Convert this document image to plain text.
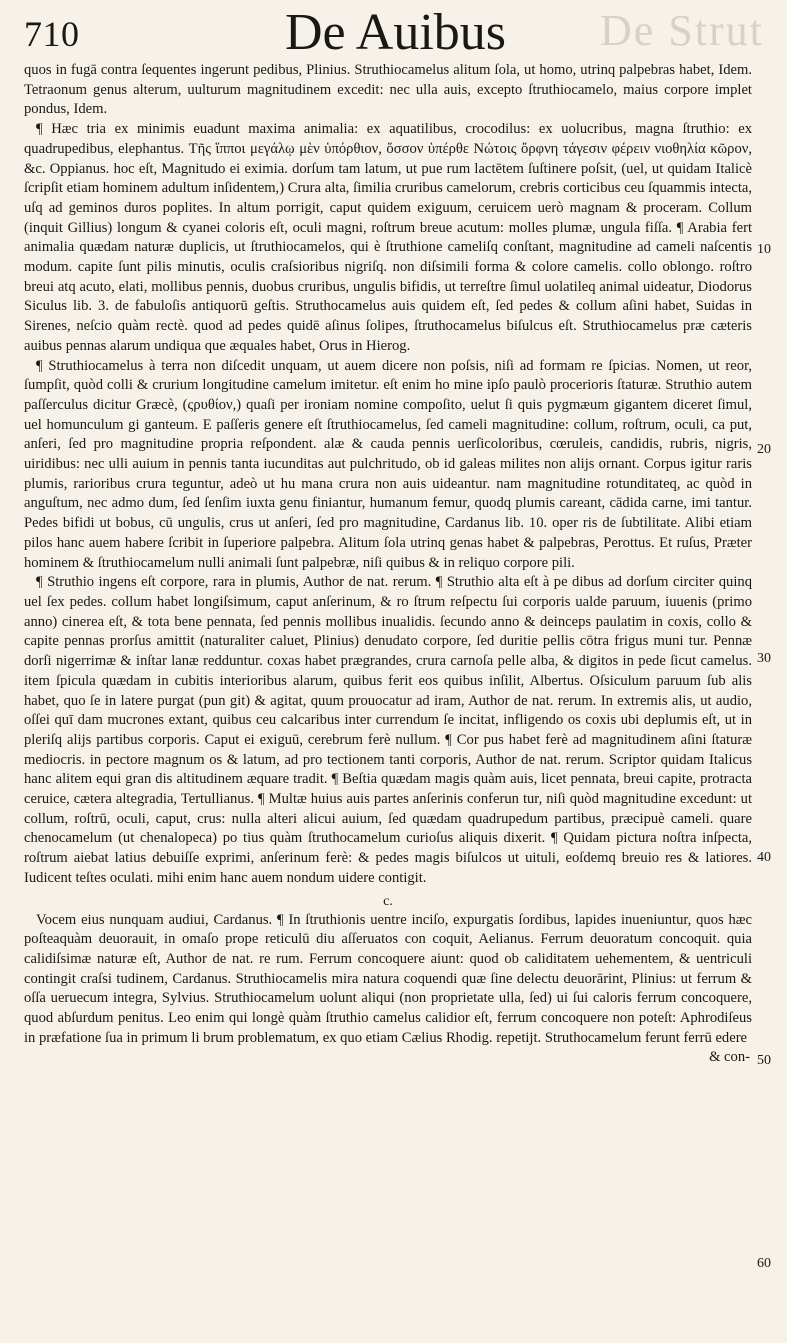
710	De Auibus De Strut

quos in fugā contra ſequentes ingerunt pedibus, Plinius. Struthiocamelus alitum ſola, ut homo, utrinq palpebras habet, Idem. Tetraonum genus alterum, uulturum magnitudinem excedit: nec ulla auis, excepto ſtruthiocamelo, maius corpore implet pondus, Idem.

¶ Hæc tria ex minimis euadunt maxima animalia: ex aquatilibus, crocodilus: ex uolucribus, magna ſtruthio: ex quadrupedibus, elephantus. Τῆς ἵπποι μεγάλῳ μὲν ὑπόρθιον, ὅσσον ὑπέρθε Νώτοις ὄρφνη τάγεσιν φέρειν νιοθηλία κῶρον, &c. Oppianus. hoc eſt, Magnitudo ei eximia. dorſum tam latum, ut pue rum lactētem ſuſtinere poſsit, (uel, ut quidam Italicè ſcripſit etiam hominem adultum inſidentem,) Crura alta, ſimilia cruribus camelorum, crebris corticibus ceu ſquammis intecta, uſq ad geminos duros poplites. In altum porrigit, caput quidem exiguum, ceruicem uerò magnam & proceram. Collum (inquit Gillius) longum & cyanei coloris eſt, oculi magni, roſtrum breue acutum: molles plumæ, ungula fiſſa. ¶ Arabia fert animalia quædam naturæ duplicis, ut ſtruthiocamelos, qui è ſtruthione cameliſq conſtant, magnitudine ad cameli naſcentis modum. capite ſunt pilis minutis, oculis craſsioribus nigriſq. non diſsimili forma & colore camelis. collo oblongo. roſtro breui atq acuto, elati, mollibus pennis, duobus cruribus, ungulis bifidis, ut terreſtre ſimul uolatileq animal uideatur, Diodorus Siculus lib. 3. de fabuloſis antiquorū geſtis. Struthocamelus auis quidem eſt, ſed pedes & collum aſini habet, Suidas in Sirenes, neſcio quàm rectè. quod ad pedes quidē aſinus ſolipes, ſtruthocamelus biſulcus eſt. Struthiocamelus præ cæteris auibus pennas alarum undiqua que æquales habet, Orus in Hierog.

¶ Struthiocamelus à terra non diſcedit unquam, ut auem dicere non poſsis, niſi ad formam re ſpicias. Nomen, ut reor, ſumpſit, quòd colli & crurium longitudine camelum imitetur. eſt enim ho mine ipſo paulò procerioris ſtaturæ. Struthio autem paſſerculus dicitur Græcè, (ςρυθίον,) quaſi per ironiam nomine compoſito, uelut ſi quis pygmæum gigantem diceret ſimul, uel homunculum gi ganteum. E paſſeris genere eſt ſtruthiocamelus, ſed cameli magnitudine: collum, roſtrum, oculi, ca put, anſeri, ſed pro magnitudine propria reſpondent. alæ & cauda pennis uerſicoloribus, cœruleis, candidis, rubris, nigris, uiridibus: nec ulli auium in pennis tanta iucunditas aut pulchritudo, ob id galeas milites non alijs ornant. Corpus igitur raris plumis, rarioribus crura teguntur, adeò ut hu mana crura non auis uideantur. nam magnitudine rotunditateq, ac quòd in anguſtum, nec admo dum, ſed ſenſim iuxta genu finiantur, humanum femur, quodq plumis careant, cādida carne, imi tantur. Pedes bifidi ut bobus, cū ungulis, crus ut anſeri, ſed pro magnitudine, Cardanus lib. 10. oper ris de ſubtilitate. Alibi etiam pilos hanc auem habere ſcribit in ſuperiore palpebra. Alitum ſola utrinq genas habet & palpebras, Perottus. Et ruſus, Præter hominem & ſtruthiocamelum nulli animali ſunt palpebræ, niſi quibus & in reliquo corpore pili.

¶ Struthio ingens eſt corpore, rara in plumis, Author de nat. rerum. ¶ Struthio alta eſt à pe dibus ad dorſum circiter quinq uel ſex pedes. collum habet longiſsimum, caput anſerinum, & ro ſtrum reſpectu ſui corporis ualde paruum, iuuenis (primo anno) cinerea eſt, & tota bene pennata, ſed pennis mollibus inualidis. ſecundo anno & deinceps paulatim in coxis, collo & capite pennas prorſus amittit (naturaliter caluet, Plinius) denudato corpore, ſed duritie pellis cōtra frigus muni tur. Pennæ dorſi nigerrimæ & inſtar lanæ redduntur. coxas habet prægrandes, crura carnoſa pelle alba, & digitos in pede ſicut camelus. item ſpicula quædam in cubitis interioribus alarum, quibus ferit eos quibus inſilit, Albertus. Oſsiculum paruum ſub alis habet, quo ſe in latere purgat (pun git) & agitat, quum prouocatur ad iram, Author de nat. rerum. In extremis alis, ut audio, oſſei quī dam mucrones extant, quibus ceu calcaribus inter currendum ſe incitat, infligendo os coxis ubi deplumis eſt, ut in pleriſq alijs partibus corporis. Caput ei exiguū, cerebrum ferè nullum. ¶ Cor pus habet ferè ad magnitudinem aſini ſtaturæ mediocris. in pectore magnum os & latum, ad pro tectionem tanti corporis, Author de nat. rerum. Scriptor quidam Italicus hanc alitem equi gran dis altitudinem æquare tradit. ¶ Beſtia quædam magis quàm auis, licet pennata, breui capite, protracta ceruice, cætera altegradia, Tertullianus. ¶ Multæ huius auis partes anſerinis conferun tur, niſi quòd magnitudine excedunt: ut collum, roſtrū, oculi, caput, crus: nulla alteri alicui auium, ſed quædam quadrupedum partibus, præcipuè cameli. quare chenocamelum (ut chenalopeca) po tius quàm ſtruthocamelum curioſus aliquis dixerit. ¶ Quidam pictura noſtra inſpecta, roſtrum aiebat latius debuiſſe exprimi, anſerinum ferè: & pedes magis biſulcos ut uituli, eoſdemq breuio res & latiores. Iudicent teſtes oculati. mihi enim hanc auem nondum uidere contigit.

c.

Vocem eius nunquam audiui, Cardanus. ¶ In ſtruthionis uentre inciſo, expurgatis ſordibus, lapides inueniuntur, quos hæc poſteaquàm deuorauit, in omaſo prope reticulū diu aſſeruatos con coquit, Aelianus. Ferrum deuoratum concoquit. quia calidiſsimæ naturæ eſt, Author de nat. re rum. Ferrum concoquere aiunt: quod ob caliditatem uehementem, & uentriculi contingit craſsi tudinem, Cardanus. Struthiocamelis mira natura coquendi quæ ſine delectu deuorārint, Plinius: ut ferrum & oſſa ueruecum integra, Sylvius. Struthiocamelum uolunt aliqui (non proprietate ulla, ſed) ui ſui caloris ferrum concoquere, quod abſurdum penitus. Leo enim qui longè quàm ſtruthio camelus calidior eſt, ferrum concoquere non poteſt: Aphrodiſeus in præfatione ſua in primum li brum problematum, ex quo etiam Cælius Rhodig. repetijt. Struthocamelum ferunt ferrū edere

& con-

10
20
30
40
50
60
